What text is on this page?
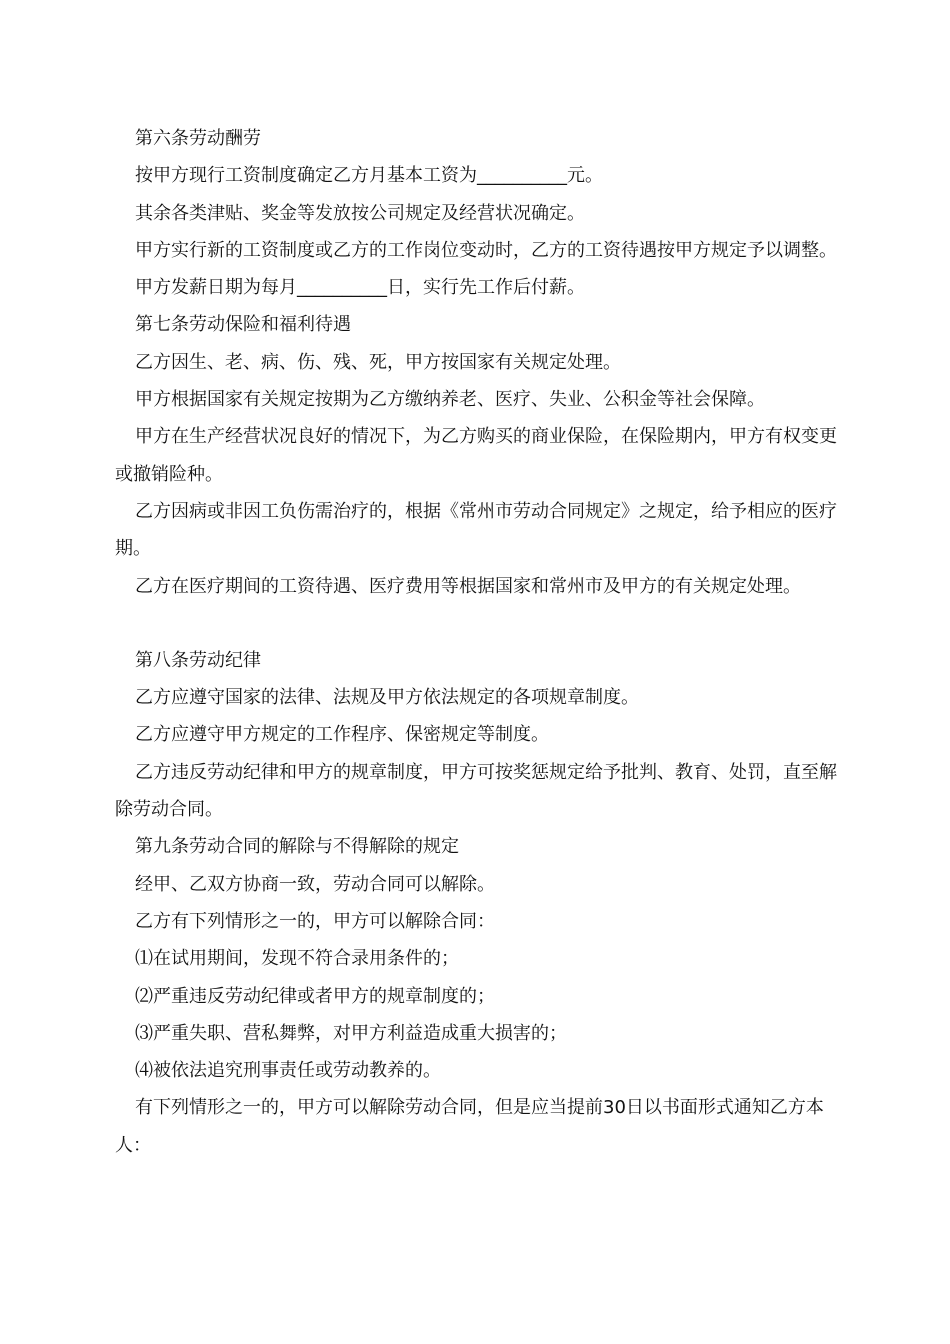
第六条劳动酬劳

按甲方现行工资制度确定乙方月基本工资为__________元。

其余各类津贴、奖金等发放按公司规定及经营状况确定。

甲方实行新的工资制度或乙方的工作岗位变动时，乙方的工资待遇按甲方规定予以调整。

甲方发薪日期为每月__________日，实行先工作后付薪。

第七条劳动保险和福利待遇

乙方因生、老、病、伤、残、死，甲方按国家有关规定处理。

甲方根据国家有关规定按期为乙方缴纳养老、医疗、失业、公积金等社会保障。

甲方在生产经营状况良好的情况下，为乙方购买的商业保险，在保险期内，甲方有权变更或撤销险种。

乙方因病或非因工负伤需治疗的，根据《常州市劳动合同规定》之规定，给予相应的医疗期。

乙方在医疗期间的工资待遇、医疗费用等根据国家和常州市及甲方的有关规定处理。

第八条劳动纪律

乙方应遵守国家的法律、法规及甲方依法规定的各项规章制度。

乙方应遵守甲方规定的工作程序、保密规定等制度。

乙方违反劳动纪律和甲方的规章制度，甲方可按奖惩规定给予批判、教育、处罚，直至解除劳动合同。

第九条劳动合同的解除与不得解除的规定

经甲、乙双方协商一致，劳动合同可以解除。

乙方有下列情形之一的，甲方可以解除合同：

⑴在试用期间，发现不符合录用条件的；

⑵严重违反劳动纪律或者甲方的规章制度的；

⑶严重失职、营私舞弊，对甲方利益造成重大损害的；

⑷被依法追究刑事责任或劳动教养的。

有下列情形之一的，甲方可以解除劳动合同，但是应当提前30日以书面形式通知乙方本人：
